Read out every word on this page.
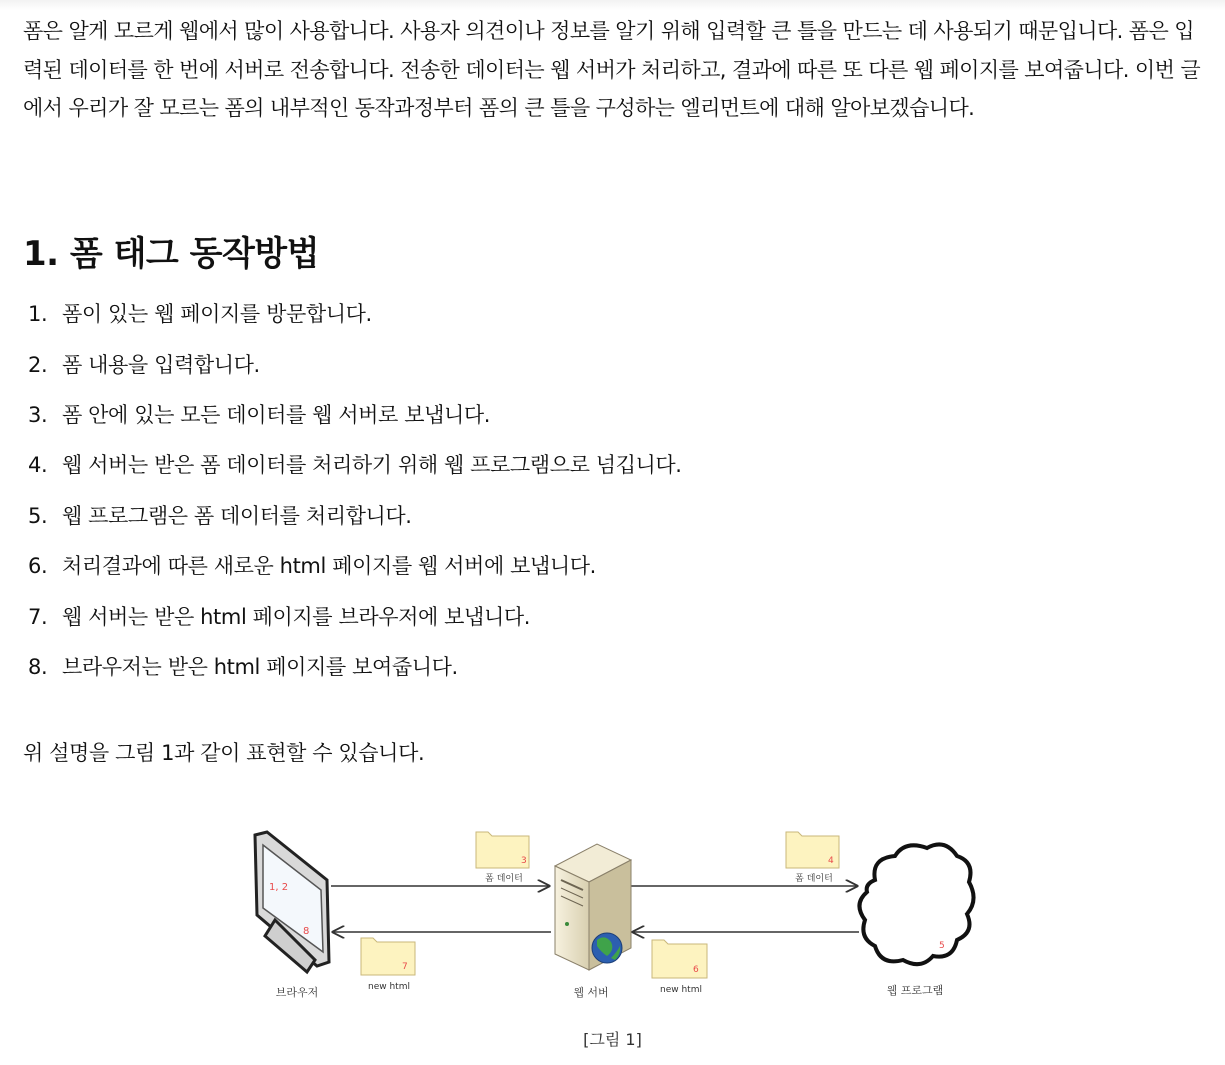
폼은 알게 모르게 웹에서 많이 사용합니다. 사용자 의견이나 정보를 알기 위해 입력할 큰 틀을 만드는 데 사용되기 때문입니다. 폼은 입력된 데이터를 한 번에 서버로 전송합니다. 전송한 데이터는 웹 서버가 처리하고, 결과에 따른 또 다른 웹 페이지를 보여줍니다. 이번 글에서 우리가 잘 모르는 폼의 내부적인 동작과정부터 폼의 큰 틀을 구성하는 엘리먼트에 대해 알아보겠습니다.

1. 폼 태그 동작방법
1. 폼이 있는 웹 페이지를 방문합니다.
2. 폼 내용을 입력합니다.
3. 폼 안에 있는 모든 데이터를 웹 서버로 보냅니다.
4. 웹 서버는 받은 폼 데이터를 처리하기 위해 웹 프로그램으로 넘깁니다.
5. 웹 프로그램은 폼 데이터를 처리합니다.
6. 처리결과에 따른 새로운 html 페이지를 웹 서버에 보냅니다.
7. 웹 서버는 받은 html 페이지를 브라우저에 보냅니다.
8. 브라우저는 받은 html 페이지를 보여줍니다.

위 설명을 그림 1과 같이 표현할 수 있습니다.

1, 2
8
브라우저
3
폼 데이터
4
폼 데이터
7
new html
6
new html
웹 서버
5
웹 프로그램
[그림 1]
